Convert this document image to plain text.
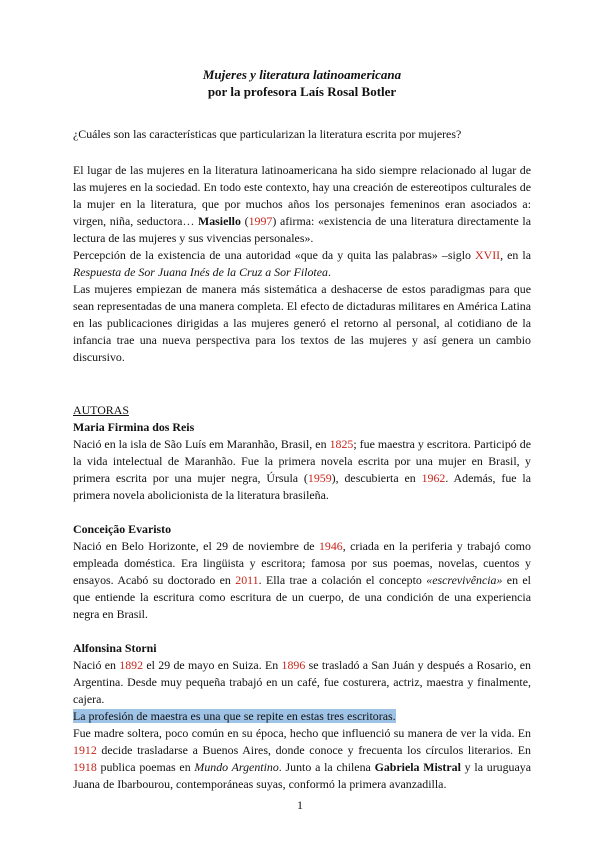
Mujeres y literatura latinoamericana
por la profesora Laís Rosal Botler

¿Cuáles son las características que particularizan la literatura escrita por mujeres?

El lugar de las mujeres en la literatura latinoamericana ha sido siempre relacionado al lugar de las mujeres en la sociedad. En todo este contexto, hay una creación de estereotipos culturales de la mujer en la literatura, que por muchos años los personajes femeninos eran asociados a: virgen, niña, seductora… Masiello (1997) afirma: «existencia de una literatura directamente la lectura de las mujeres y sus vivencias personales».

Percepción de la existencia de una autoridad «que da y quita las palabras» –siglo XVII, en la Respuesta de Sor Juana Inés de la Cruz a Sor Filotea.

Las mujeres empiezan de manera más sistemática a deshacerse de estos paradigmas para que sean representadas de una manera completa. El efecto de dictaduras militares en América Latina en las publicaciones dirigidas a las mujeres generó el retorno al personal, al cotidiano de la infancia trae una nueva perspectiva para los textos de las mujeres y así genera un cambio discursivo.

AUTORAS

Maria Firmina dos Reis

Nació en la isla de São Luís em Maranhão, Brasil, en 1825; fue maestra y escritora. Participó de la vida intelectual de Maranhão. Fue la primera novela escrita por una mujer en Brasil, y primera escrita por una mujer negra, Úrsula (1959), descubierta en 1962. Además, fue la primera novela abolicionista de la literatura brasileña.

Conceição Evaristo

Nació en Belo Horizonte, el 29 de noviembre de 1946, criada en la periferia y trabajó como empleada doméstica. Era lingüista y escritora; famosa por sus poemas, novelas, cuentos y ensayos. Acabó su doctorado en 2011. Ella trae a colación el concepto «escrevivência» en el que entiende la escritura como escritura de un cuerpo, de una condición de una experiencia negra en Brasil.

Alfonsina Storni

Nació en 1892 el 29 de mayo en Suiza. En 1896 se trasladó a San Juán y después a Rosario, en Argentina. Desde muy pequeña trabajó en un café, fue costurera, actriz, maestra y finalmente, cajera.

La profesión de maestra es una que se repite en estas tres escritoras.

Fue madre soltera, poco común en su época, hecho que influenció su manera de ver la vida. En 1912 decide trasladarse a Buenos Aires, donde conoce y frecuenta los círculos literarios. En 1918 publica poemas en Mundo Argentino. Junto a la chilena Gabriela Mistral y la uruguaya Juana de Ibarbourou, contemporáneas suyas, conformó la primera avanzadilla.

1
